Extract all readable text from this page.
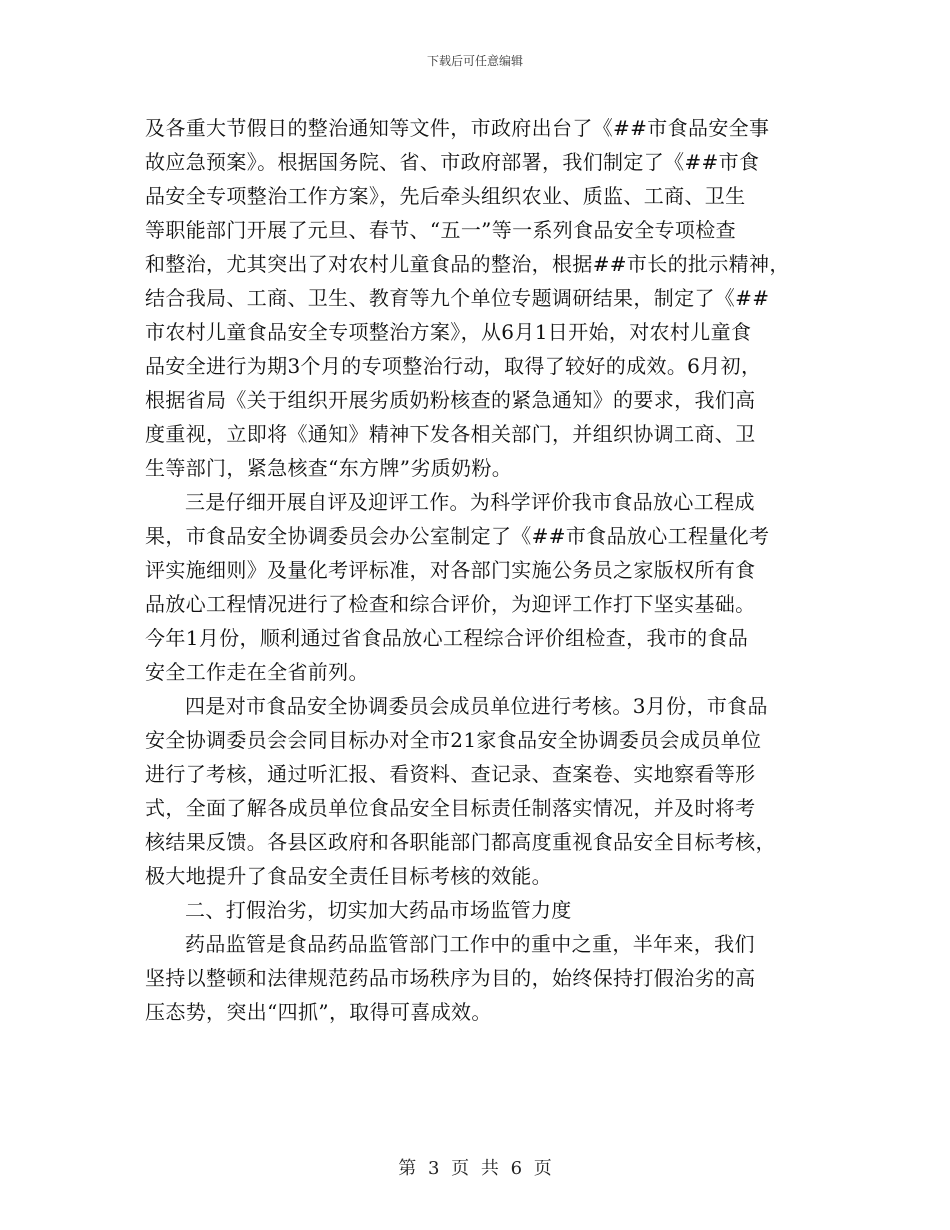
下载后可任意编辑

及各重大节假日的整治通知等文件，市政府出台了《##市食品安全事
故应急预案》。根据国务院、省、市政府部署，我们制定了《##市食
品安全专项整治工作方案》，先后牵头组织农业、质监、工商、卫生
等职能部门开展了元旦、春节、“五一”等一系列食品安全专项检查
和整治，尤其突出了对农村儿童食品的整治，根据##市长的批示精神，
结合我局、工商、卫生、教育等九个单位专题调研结果，制定了《##
市农村儿童食品安全专项整治方案》，从6月1日开始，对农村儿童食
品安全进行为期3个月的专项整治行动，取得了较好的成效。6月初，
根据省局《关于组织开展劣质奶粉核查的紧急通知》的要求，我们高
度重视，立即将《通知》精神下发各相关部门，并组织协调工商、卫
生等部门，紧急核查“东方牌”劣质奶粉。

三是仔细开展自评及迎评工作。为科学评价我市食品放心工程成
果，市食品安全协调委员会办公室制定了《##市食品放心工程量化考
评实施细则》及量化考评标准，对各部门实施公务员之家版权所有食
品放心工程情况进行了检查和综合评价，为迎评工作打下坚实基础。
今年1月份，顺利通过省食品放心工程综合评价组检查，我市的食品
安全工作走在全省前列。

四是对市食品安全协调委员会成员单位进行考核。3月份，市食品
安全协调委员会会同目标办对全市21家食品安全协调委员会成员单位
进行了考核，通过听汇报、看资料、查记录、查案卷、实地察看等形
式，全面了解各成员单位食品安全目标责任制落实情况，并及时将考
核结果反馈。各县区政府和各职能部门都高度重视食品安全目标考核，
极大地提升了食品安全责任目标考核的效能。

二、打假治劣，切实加大药品市场监管力度

药品监管是食品药品监管部门工作中的重中之重，半年来，我们
坚持以整顿和法律规范药品市场秩序为目的，始终保持打假治劣的高
压态势，突出“四抓”，取得可喜成效。

第 3 页 共 6 页
